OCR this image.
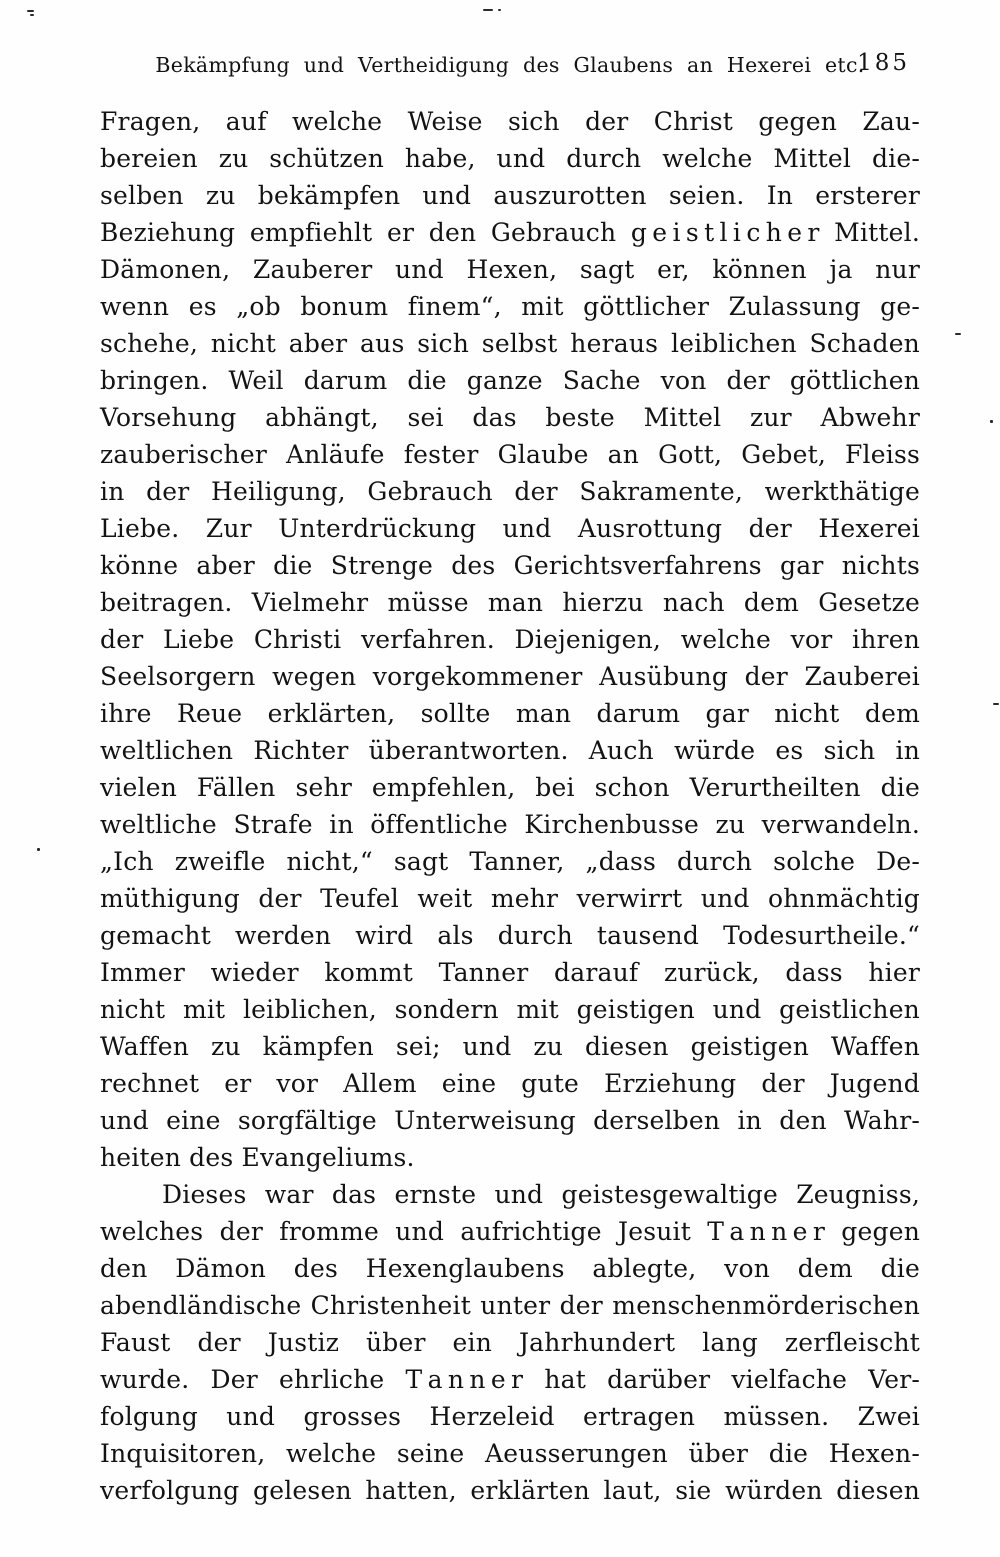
Bekämpfung und Vertheidigung des Glaubens an Hexerei etc.
185
Fragen, auf welche Weise sich der Christ gegen Zau-
bereien zu schützen habe, und durch welche Mittel die-
selben zu bekämpfen und auszurotten seien. In ersterer
Beziehung empfiehlt er den Gebrauch g e i s t l i c h e r Mittel.
Dämonen, Zauberer und Hexen, sagt er, können ja nur
wenn es „ob bonum finem“, mit göttlicher Zulassung ge-
schehe, nicht aber aus sich selbst heraus leiblichen Schaden
bringen. Weil darum die ganze Sache von der göttlichen
Vorsehung abhängt, sei das beste Mittel zur Abwehr
zauberischer Anläufe fester Glaube an Gott, Gebet, Fleiss
in der Heiligung, Gebrauch der Sakramente, werkthätige
Liebe. Zur Unterdrückung und Ausrottung der Hexerei
könne aber die Strenge des Gerichtsverfahrens gar nichts
beitragen. Vielmehr müsse man hierzu nach dem Gesetze
der Liebe Christi verfahren. Diejenigen, welche vor ihren
Seelsorgern wegen vorgekommener Ausübung der Zauberei
ihre Reue erklärten, sollte man darum gar nicht dem
weltlichen Richter überantworten. Auch würde es sich in
vielen Fällen sehr empfehlen, bei schon Verurtheilten die
weltliche Strafe in öffentliche Kirchenbusse zu verwandeln.
„Ich zweifle nicht,“ sagt Tanner, „dass durch solche De-
müthigung der Teufel weit mehr verwirrt und ohnmächtig
gemacht werden wird als durch tausend Todesurtheile.“
Immer wieder kommt Tanner darauf zurück, dass hier
nicht mit leiblichen, sondern mit geistigen und geistlichen
Waffen zu kämpfen sei; und zu diesen geistigen Waffen
rechnet er vor Allem eine gute Erziehung der Jugend
und eine sorgfältige Unterweisung derselben in den Wahr-
heiten des Evangeliums.
Dieses war das ernste und geistesgewaltige Zeugniss,
welches der fromme und aufrichtige Jesuit T a n n e r gegen
den Dämon des Hexenglaubens ablegte, von dem die
abendländische Christenheit unter der menschenmörderischen
Faust der Justiz über ein Jahrhundert lang zerfleischt
wurde. Der ehrliche T a n n e r hat darüber vielfache Ver-
folgung und grosses Herzeleid ertragen müssen. Zwei
Inquisitoren, welche seine Aeusserungen über die Hexen-
verfolgung gelesen hatten, erklärten laut, sie würden diesen
